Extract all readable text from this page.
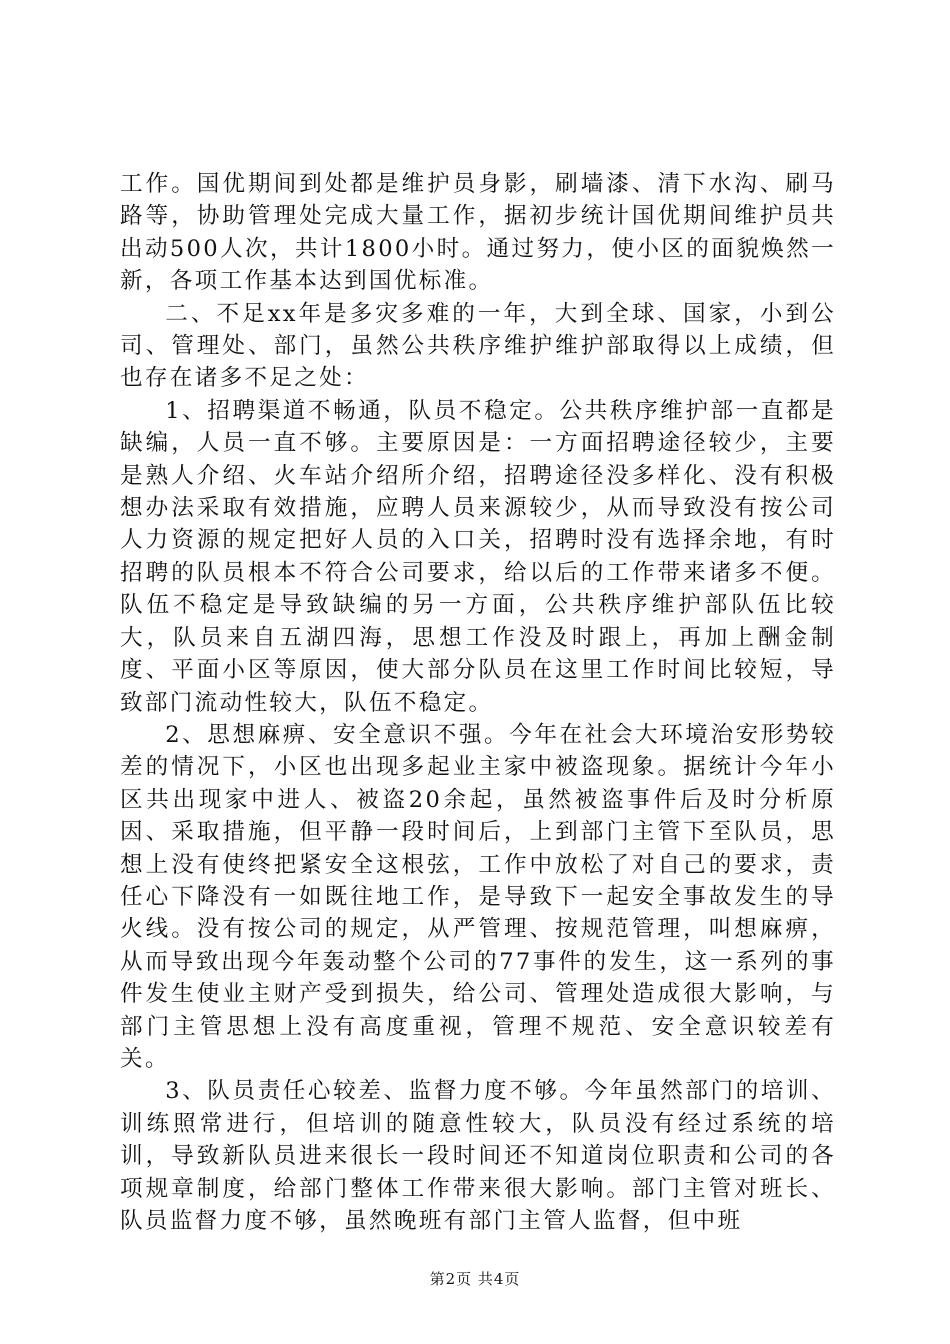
工作。国优期间到处都是维护员身影，刷墙漆、清下水沟、刷马路等，协助管理处完成大量工作，据初步统计国优期间维护员共出动500人次，共计1800小时。通过努力，使小区的面貌焕然一新，各项工作基本达到国优标准。

二、不足xx年是多灾多难的一年，大到全球、国家，小到公司、管理处、部门，虽然公共秩序维护维护部取得以上成绩，但也存在诸多不足之处：

1、招聘渠道不畅通，队员不稳定。公共秩序维护部一直都是缺编，人员一直不够。主要原因是：一方面招聘途径较少，主要是熟人介绍、火车站介绍所介绍，招聘途径没多样化、没有积极想办法采取有效措施，应聘人员来源较少，从而导致没有按公司人力资源的规定把好人员的入口关，招聘时没有选择余地，有时招聘的队员根本不符合公司要求，给以后的工作带来诸多不便。队伍不稳定是导致缺编的另一方面，公共秩序维护部队伍比较大，队员来自五湖四海，思想工作没及时跟上，再加上酬金制度、平面小区等原因，使大部分队员在这里工作时间比较短，导致部门流动性较大，队伍不稳定。

2、思想麻痹、安全意识不强。今年在社会大环境治安形势较差的情况下，小区也出现多起业主家中被盗现象。据统计今年小区共出现家中进人、被盗20余起，虽然被盗事件后及时分析原因、采取措施，但平静一段时间后，上到部门主管下至队员，思想上没有使终把紧安全这根弦，工作中放松了对自己的要求，责任心下降没有一如既往地工作，是导致下一起安全事故发生的导火线。没有按公司的规定，从严管理、按规范管理，叫想麻痹，从而导致出现今年轰动整个公司的77事件的发生，这一系列的事件发生使业主财产受到损失，给公司、管理处造成很大影响，与部门主管思想上没有高度重视，管理不规范、安全意识较差有关。

3、队员责任心较差、监督力度不够。今年虽然部门的培训、训练照常进行，但培训的随意性较大，队员没有经过系统的培训，导致新队员进来很长一段时间还不知道岗位职责和公司的各项规章制度，给部门整体工作带来很大影响。部门主管对班长、队员监督力度不够，虽然晚班有部门主管人监督，但中班

第2页 共4页
